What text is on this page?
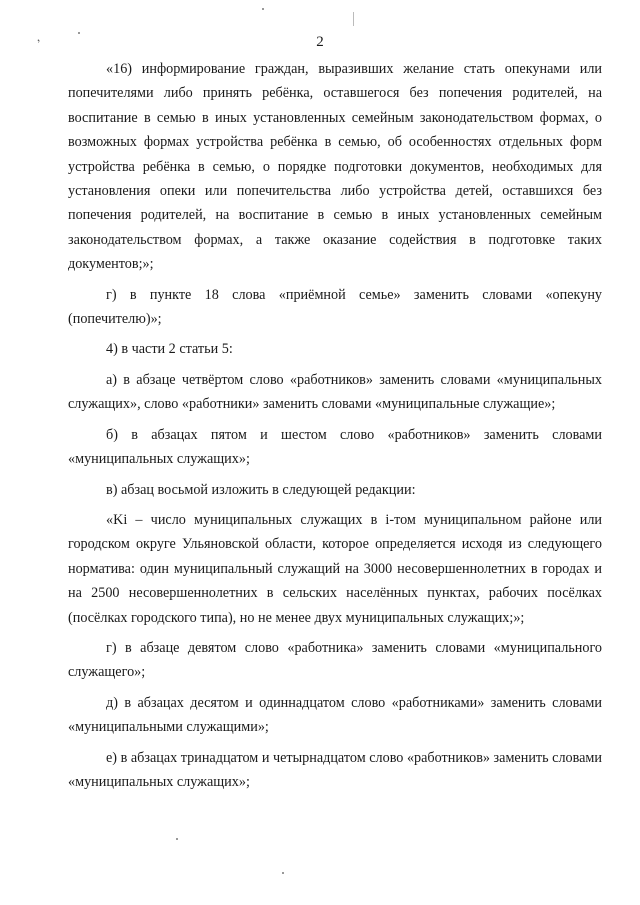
,	2

«16) информирование граждан, выразивших желание стать опекунами или попечителями либо принять ребёнка, оставшегося без попечения родителей, на воспитание в семью в иных установленных семейным законодательством формах, о возможных формах устройства ребёнка в семью, об особенностях отдельных форм устройства ребёнка в семью, о порядке подготовки документов, необходимых для установления опеки или попечительства либо устройства детей, оставшихся без попечения родителей, на воспитание в семью в иных установленных семейным законодательством формах, а также оказание содействия в подготовке таких документов;»;

г) в пункте 18 слова «приёмной семье» заменить словами «опекуну (попечителю)»;

4) в части 2 статьи 5:

а) в абзаце четвёртом слово «работников» заменить словами «муниципальных служащих», слово «работники» заменить словами «муниципальные служащие»;

б) в абзацах пятом и шестом слово «работников» заменить словами «муниципальных служащих»;

в) абзац восьмой изложить в следующей редакции:

«Ki – число муниципальных служащих в i-том муниципальном районе или городском округе Ульяновской области, которое определяется исходя из следующего норматива: один муниципальный служащий на 3000 несовершеннолетних в городах и на 2500 несовершеннолетних в сельских населённых пунктах, рабочих посёлках (посёлках городского типа), но не менее двух муниципальных служащих;»;

г) в абзаце девятом слово «работника» заменить словами «муниципального служащего»;

д) в абзацах десятом и одиннадцатом слово «работниками» заменить словами «муниципальными служащими»;

е) в абзацах тринадцатом и четырнадцатом слово «работников» заменить словами «муниципальных служащих»;
